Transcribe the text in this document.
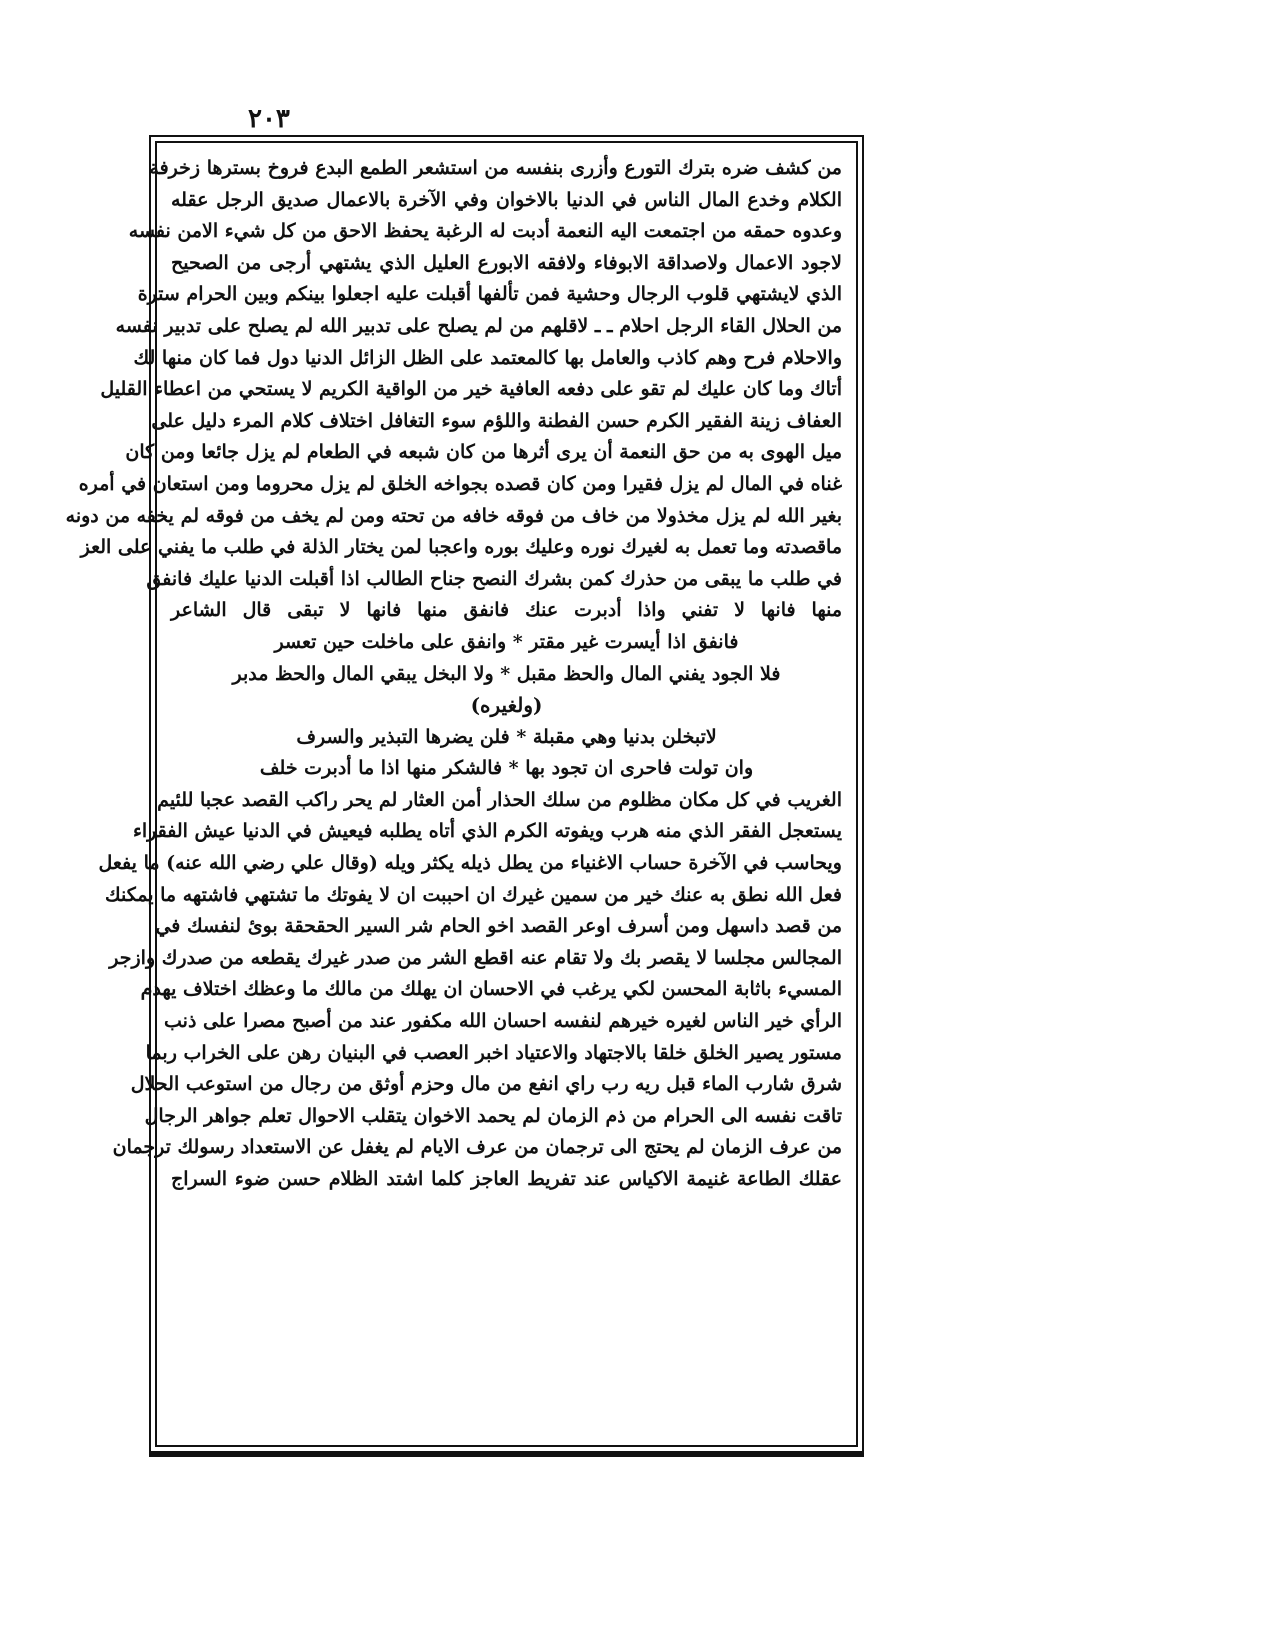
٢٠٣
من كشف ضره بترك التورع وأزرى بنفسه من استشعر الطمع البدع فروخ بسترها زخرفة
الكلام وخدع المال الناس في الدنيا بالاخوان وفي الآخرة بالاعمال صديق الرجل عقله
وعدوه حمقه من اجتمعت اليه النعمة أدبت له الرغبة يحفظ الاحق من كل شيء الامن نفسه
لاجود الاعمال ولاصداقة الابوفاء ولافقه الابورع العليل الذي يشتهي أرجى من الصحيح
الذي لايشتهي قلوب الرجال وحشية فمن تألفها أقبلت عليه اجعلوا بينكم وبين الحرام سترة
من الحلال القاء الرجل احلام ـ ـ لاقلهم من لم يصلح على تدبير الله لم يصلح على تدبير نفسه
والاحلام فرح وهم كاذب والعامل بها كالمعتمد على الظل الزائل الدنيا دول فما كان منها لك
أتاك وما كان عليك لم تقو على دفعه العافية خير من الواقية الكريم لا يستحي من اعطاء القليل
العفاف زينة الفقير الكرم حسن الفطنة واللؤم سوء التغافل اختلاف كلام المرء دليل على
ميل الهوى به من حق النعمة أن يرى أثرها من كان شبعه في الطعام لم يزل جائعا ومن كان
غناه في المال لم يزل فقيرا ومن كان قصده بجواخه الخلق لم يزل محروما ومن استعان في أمره
بغير الله لم يزل مخذولا من خاف من فوقه خافه من تحته ومن لم يخف من فوقه لم يخفه من دونه
ماقصدته وما تعمل به لغيرك نوره وعليك بوره واعجبا لمن يختار الذلة في طلب ما يفني على العز
في طلب ما يبقى من حذرك كمن بشرك النصح جناح الطالب اذا أقبلت الدنيا عليك فانفق
منها فانها لا تفني واذا أدبرت عنك فانفق منها فانها لا تبقى قال الشاعر
فانفق اذا أيسرت غير مقتر * وانفق على ماخلت حين تعسر
فلا الجود يفني المال والحظ مقبل * ولا البخل يبقي المال والحظ مدبر
(ولغيره)
لاتبخلن بدنيا وهي مقبلة * فلن يضرها التبذير والسرف
وان تولت فاحرى ان تجود بها * فالشكر منها اذا ما أدبرت خلف
الغريب في كل مكان مظلوم من سلك الحذار أمن العثار لم يحر راكب القصد عجبا للئيم
يستعجل الفقر الذي منه هرب ويفوته الكرم الذي أتاه يطلبه فيعيش في الدنيا عيش الفقراء
ويحاسب في الآخرة حساب الاغنياء من يطل ذيله يكثر ويله (وقال علي رضي الله عنه) ما يفعل
فعل الله نطق به عنك خير من سمين غيرك ان احببت ان لا يفوتك ما تشتهي فاشتهه ما يمكنك
من قصد داسهل ومن أسرف اوعر القصد اخو الحام شر السير الحقحقة بوئ لنفسك في
المجالس مجلسا لا يقصر بك ولا تقام عنه اقطع الشر من صدر غيرك يقطعه من صدرك وازجر
المسيء باثابة المحسن لكي يرغب في الاحسان ان يهلك من مالك ما وعظك اختلاف يهدم
الرأي خير الناس لغيره خيرهم لنفسه احسان الله مكفور عند من أصبح مصرا على ذنب
مستور يصير الخلق خلقا بالاجتهاد والاعتياد اخبر العصب في البنيان رهن على الخراب ربما
شرق شارب الماء قبل ريه رب راي انفع من مال وحزم أوثق من رجال من استوعب الحلال
تاقت نفسه الى الحرام من ذم الزمان لم يحمد الاخوان يتقلب الاحوال تعلم جواهر الرجال
من عرف الزمان لم يحتج الى ترجمان من عرف الايام لم يغفل عن الاستعداد رسولك ترجمان
عقلك الطاعة غنيمة الاكياس عند تفريط العاجز كلما اشتد الظلام حسن ضوء السراج
